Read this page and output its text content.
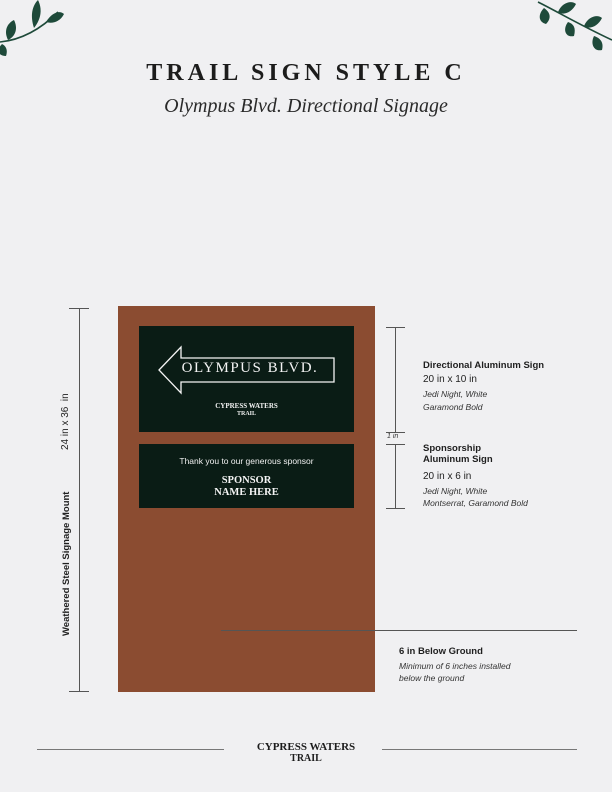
TRAIL SIGN STYLE C
Olympus Blvd. Directional Signage
Weathered Steel Signage Mount
24 in x 36  in
OLYMPUS BLVD.
CYPRESS WATERS
TRAIL
Thank you to our generous sponsor
SPONSOR
NAME HERE
1 in
Directional Aluminum Sign
20 in x 10 in
Jedi Night, White
Garamond Bold
Sponsorship
Aluminum Sign
20 in x 6 in
Jedi Night, White
Montserrat, Garamond Bold
6 in Below Ground
Minimum of 6 inches installed
below the ground
CYPRESS WATERS
TRAIL
